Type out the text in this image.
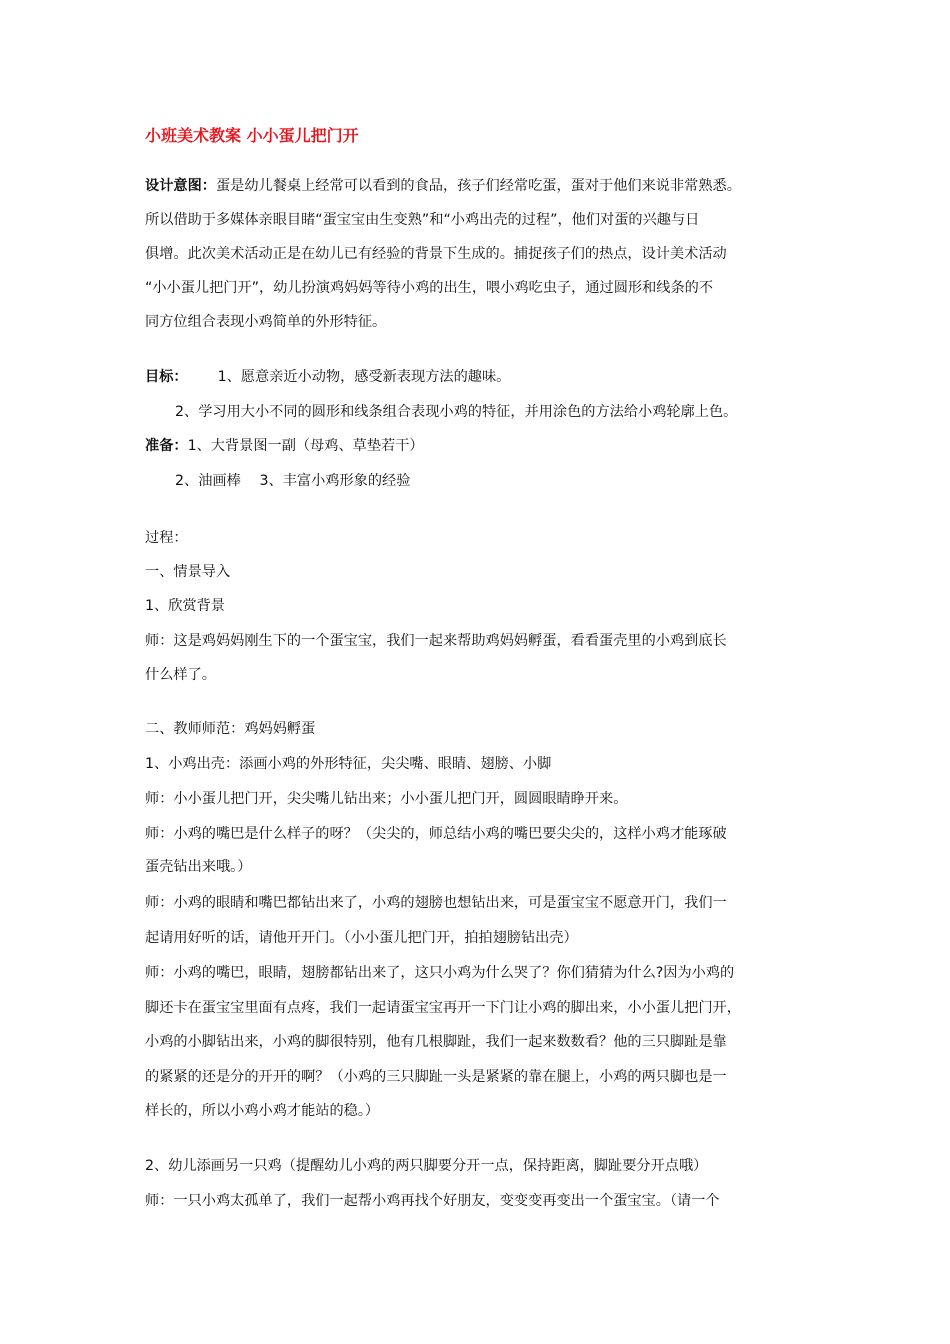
小班美术教案 小小蛋儿把门开
设计意图：蛋是幼儿餐桌上经常可以看到的食品，孩子们经常吃蛋，蛋对于他们来说非常熟悉。
所以借助于多媒体亲眼目睹“蛋宝宝由生变熟”和“小鸡出壳的过程”，他们对蛋的兴趣与日
俱增。此次美术活动正是在幼儿已有经验的背景下生成的。捕捉孩子们的热点，设计美术活动
“小小蛋儿把门开”，幼儿扮演鸡妈妈等待小鸡的出生，喂小鸡吃虫子，通过圆形和线条的不
同方位组合表现小鸡简单的外形特征。
目标： 1、愿意亲近小动物，感受新表现方法的趣味。
2、学习用大小不同的圆形和线条组合表现小鸡的特征，并用涂色的方法给小鸡轮廓上色。
准备：1、大背景图一副（母鸡、草垫若干）
2、油画棒　 3、丰富小鸡形象的经验
过程：
一、情景导入
1、欣赏背景
师：这是鸡妈妈刚生下的一个蛋宝宝，我们一起来帮助鸡妈妈孵蛋，看看蛋壳里的小鸡到底长
什么样了。
二、教师师范：鸡妈妈孵蛋
1、小鸡出壳：添画小鸡的外形特征，尖尖嘴、眼睛、翅膀、小脚
师：小小蛋儿把门开，尖尖嘴儿钻出来；小小蛋儿把门开，圆圆眼睛睁开来。
师：小鸡的嘴巴是什么样子的呀？（尖尖的，师总结小鸡的嘴巴要尖尖的，这样小鸡才能琢破
蛋壳钻出来哦。）
师：小鸡的眼睛和嘴巴都钻出来了，小鸡的翅膀也想钻出来，可是蛋宝宝不愿意开门，我们一
起请用好听的话，请他开开门。（小小蛋儿把门开，拍拍翅膀钻出壳）
师：小鸡的嘴巴，眼睛，翅膀都钻出来了，这只小鸡为什么哭了？你们猜猜为什么?因为小鸡的
脚还卡在蛋宝宝里面有点疼，我们一起请蛋宝宝再开一下门让小鸡的脚出来，小小蛋儿把门开，
小鸡的小脚钻出来，小鸡的脚很特别，他有几根脚趾，我们一起来数数看？他的三只脚趾是靠
的紧紧的还是分的开开的啊？（小鸡的三只脚趾一头是紧紧的靠在腿上，小鸡的两只脚也是一
样长的，所以小鸡小鸡才能站的稳。）
2、幼儿添画另一只鸡（提醒幼儿小鸡的两只脚要分开一点，保持距离，脚趾要分开点哦）
师：一只小鸡太孤单了，我们一起帮小鸡再找个好朋友，变变变再变出一个蛋宝宝。（请一个
